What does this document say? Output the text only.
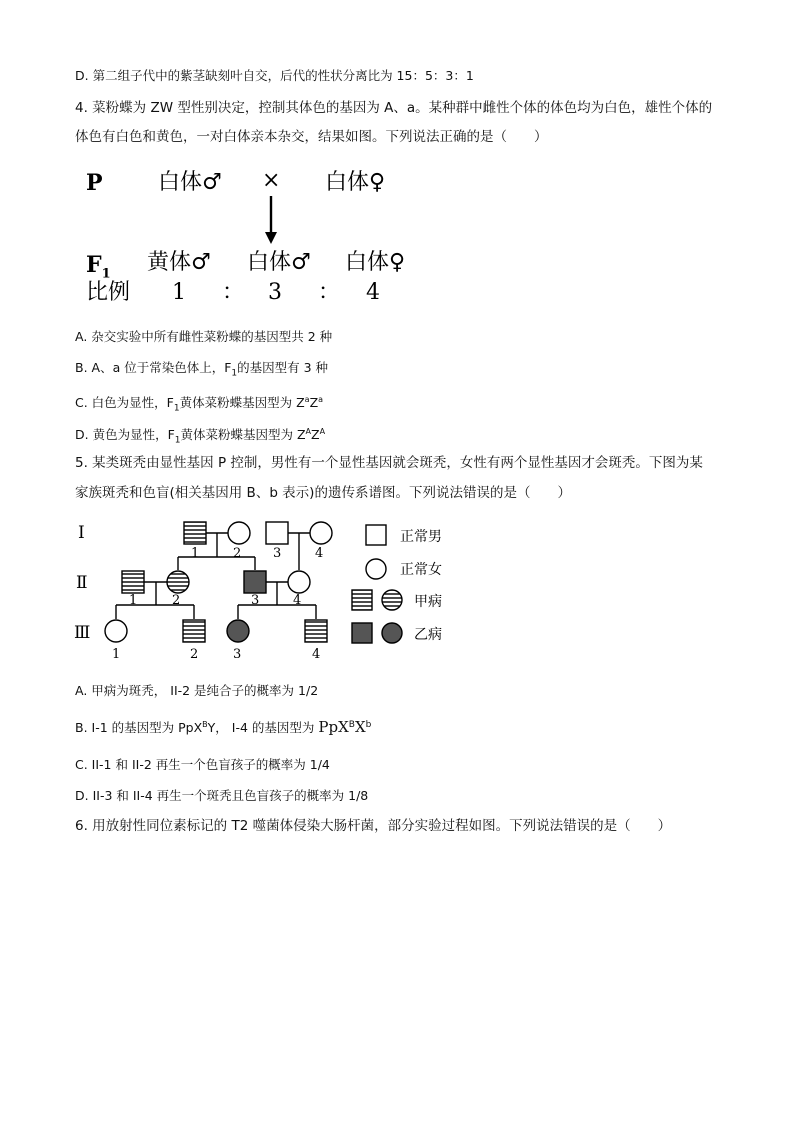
D. 第二组子代中的紫茎缺刻叶自交，后代的性状分离比为 15：5：3：1
4. 菜粉蝶为 ZW 型性别决定，控制其体色的基因为 A、a。某种群中雌性个体的体色均为白色，雄性个体的
体色有白色和黄色，一对白体亲本杂交，结果如图。下列说法正确的是（　　）
P	白体♂ × 白体♀
$F_1$ 黄体♂ 白体♂ 白体♀
比例 1 ： 3 ： 4
A. 杂交实验中所有雌性菜粉蝶的基因型共 2 种
B. A、a 位于常染色体上，$F_1$的基因型有 3 种
C. 白色为显性，$F_1$黄体菜粉蝶基因型为 $Z^aZ^a$
D. 黄色为显性，$F_1$黄体菜粉蝶基因型为 $Z^AZ^A$
5. 某类斑秃由显性基因 P 控制，男性有一个显性基因就会斑秃，女性有两个显性基因才会斑秃。下图为某
家族斑秃和色盲(相关基因用 B、b 表示)的遗传系谱图。下列说法错误的是（　　）
Ⅰ
Ⅱ
Ⅲ
1	2 3	4
1	2	3	4
1	2	3	4
正常男
正常女
甲病
乙病
A. 甲病为斑秃， II-2 是纯合子的概率为 1/2
B. I-1 的基因型为 PpX$^B$Y， I-4 的基因型为 $PpX^BX^b$
C. II-1 和 II-2 再生一个色盲孩子的概率为 1/4
D. II-3 和 II-4 再生一个斑秃且色盲孩子的概率为 1/8
6. 用放射性同位素标记的 T2 噬菌体侵染大肠杆菌，部分实验过程如图。下列说法错误的是（　　）
